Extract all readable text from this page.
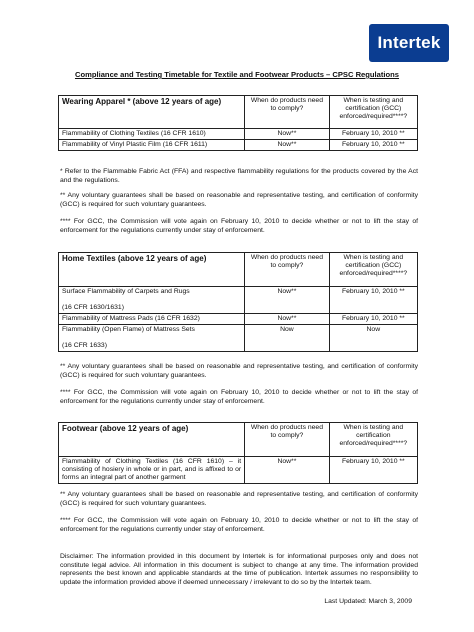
Intertek
Compliance and Testing Timetable for Textile and Footwear Products – CPSC Regulations
Wearing Apparel * (above 12 years of age)	When do products need to comply?	When is testing and certification (GCC) enforced/required****?
Flammability of Clothing Textiles (16 CFR 1610)	Now**	February 10, 2010 **
Flammability of Vinyl Plastic Film (16 CFR 1611)	Now**	February 10, 2010 **
* Refer to the Flammable Fabric Act (FFA) and respective flammability regulations for the products covered by the Act and the regulations.
** Any voluntary guarantees shall be based on reasonable and representative testing, and certification of conformity (GCC) is required for such voluntary guarantees.
**** For GCC, the Commission will vote again on February 10, 2010 to decide whether or not to lift the stay of enforcement for the regulations currently under stay of enforcement.
Home Textiles (above 12 years of age)	When do products need to comply?	When is testing and certification (GCC) enforced/required****?
Surface Flammability of Carpets and Rugs

(16 CFR 1630/1631)	Now**	February 10, 2010 **
Flammability of Mattress Pads (16 CFR 1632)	Now**	February 10, 2010 **
Flammability (Open Flame) of Mattress Sets

(16 CFR 1633)	Now	Now
** Any voluntary guarantees shall be based on reasonable and representative testing, and certification of conformity (GCC) is required for such voluntary guarantees.
**** For GCC, the Commission will vote again on February 10, 2010 to decide whether or not to lift the stay of enforcement for the regulations currently under stay of enforcement.
Footwear (above 12 years of age)	When do products need to comply?	When is testing and certification enforced/required****?
Flammability of Clothing Textiles (16 CFR 1610) – it consisting of hosiery in whole or in part, and is affixed to or forms an integral part of another garment	Now**	February 10, 2010 **
** Any voluntary guarantees shall be based on reasonable and representative testing, and certification of conformity (GCC) is required for such voluntary guarantees.
**** For GCC, the Commission will vote again on February 10, 2010 to decide whether or not to lift the stay of enforcement for the regulations currently under stay of enforcement.
Disclaimer: The information provided in this document by Intertek is for informational purposes only and does not constitute legal advice. All information in this document is subject to change at any time. The information provided represents the best known and applicable standards at the time of publication. Intertek assumes no responsibility to update the information provided above if deemed unnecessary / irrelevant to do so by the Intertek team.
Last Updated: March 3, 2009
